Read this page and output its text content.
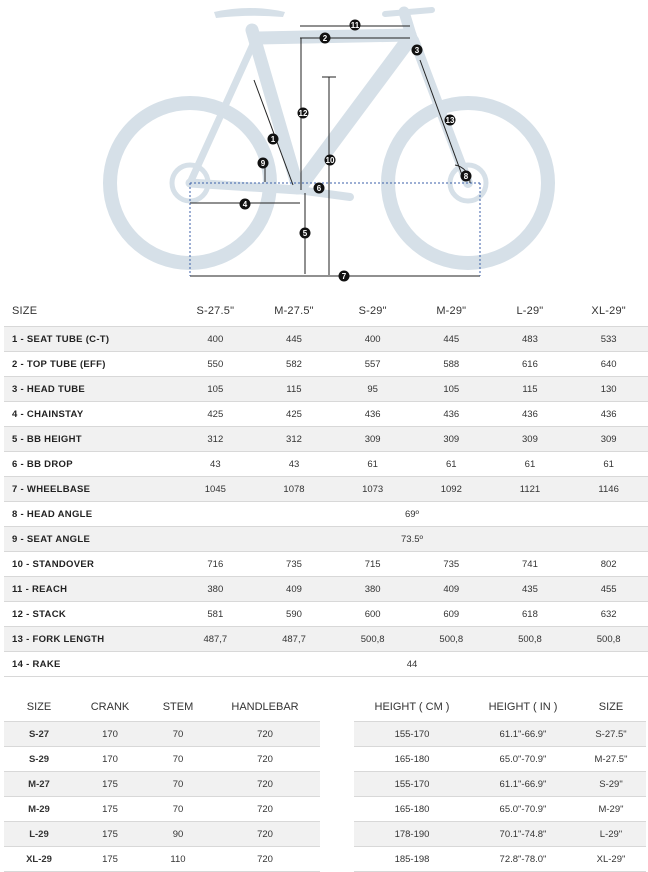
1
2
3
4
5
6
7
8
9	10
11
12
13
SIZE	S-27.5"	M-27.5"	S-29"	M-29"	L-29"	XL-29"
1 - SEAT TUBE (C-T)	400	445	400	445	483	533
2 - TOP TUBE (EFF)	550	582	557	588	616	640
3 - HEAD TUBE	105	115	95	105	115	130
4 - CHAINSTAY	425	425	436	436	436	436
5 - BB HEIGHT	312	312	309	309	309	309
6 - BB DROP	43	43	61	61	61	61
7 - WHEELBASE	1045	1078	1073	1092	1121	1146
8 - HEAD ANGLE	69º					
9 - SEAT ANGLE	73.5º					
10 - STANDOVER	716	735	715	735	741	802
11 - REACH	380	409	380	409	435	455
12 - STACK	581	590	600	609	618	632
13 - FORK LENGTH	487,7	487,7	500,8	500,8	500,8	500,8
14 - RAKE	44					
SIZE	CRANK	STEM	HANDLEBAR
S-27	170	70	720
S-29	170	70	720
M-27	175	70	720
M-29	175	70	720
L-29	175	90	720
XL-29	175	110	720
HEIGHT ( CM )	HEIGHT ( IN )	SIZE
155-170	61.1"-66.9"	S-27.5"
165-180	65.0"-70.9"	M-27.5"
155-170	61.1"-66.9"	S-29"
165-180	65.0"-70.9"	M-29"
178-190	70.1"-74.8"	L-29"
185-198	72.8"-78.0"	XL-29"
